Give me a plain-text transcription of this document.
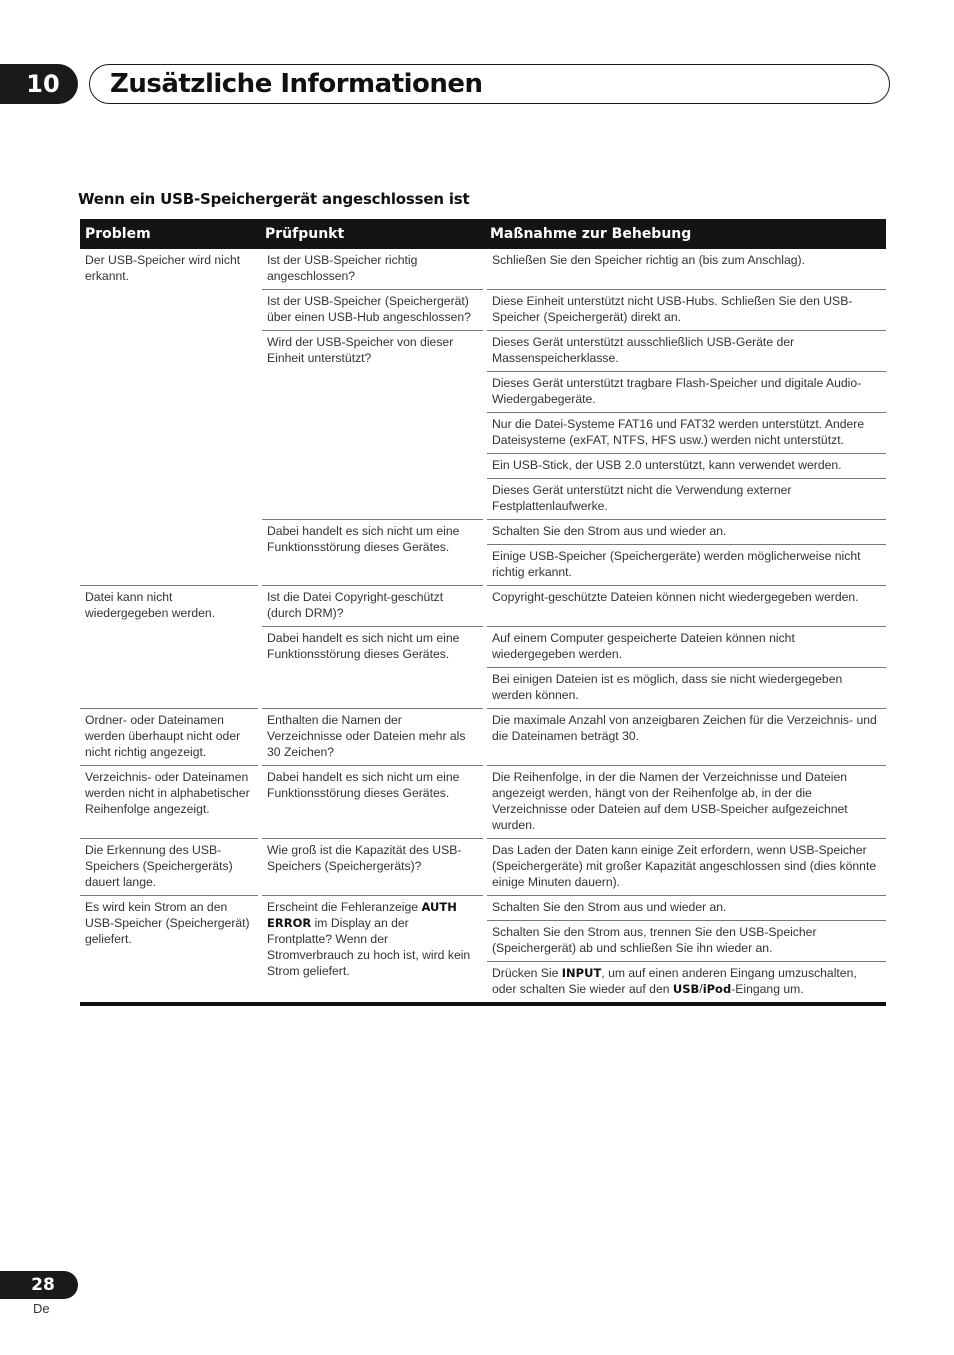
10 Zusätzliche Informationen
Wenn ein USB-Speichergerät angeschlossen ist
Problem	Prüfpunkt	Maßnahme zur Behebung
Der USB-Speicher wird nicht erkannt.	Ist der USB-Speicher richtig angeschlossen?	Schließen Sie den Speicher richtig an (bis zum Anschlag).
	Ist der USB-Speicher (Speichergerät) über einen USB-Hub angeschlossen?	Diese Einheit unterstützt nicht USB-Hubs. Schließen Sie den USB-Speicher (Speichergerät) direkt an.
	Wird der USB-Speicher von dieser Einheit unterstützt?	Dieses Gerät unterstützt ausschließlich USB-Geräte der Massenspeicherklasse.
		Dieses Gerät unterstützt tragbare Flash-Speicher und digitale Audio-Wiedergabegeräte.
		Nur die Datei-Systeme FAT16 und FAT32 werden unterstützt. Andere Dateisysteme (exFAT, NTFS, HFS usw.) werden nicht unterstützt.
		Ein USB-Stick, der USB 2.0 unterstützt, kann verwendet werden.
		Dieses Gerät unterstützt nicht die Verwendung externer Festplattenlaufwerke.
	Dabei handelt es sich nicht um eine Funktionsstörung dieses Gerätes.	Schalten Sie den Strom aus und wieder an.
		Einige USB-Speicher (Speichergeräte) werden möglicherweise nicht richtig erkannt.
Datei kann nicht wiedergegeben werden.	Ist die Datei Copyright-geschützt (durch DRM)?	Copyright-geschützte Dateien können nicht wiedergegeben werden.
	Dabei handelt es sich nicht um eine Funktionsstörung dieses Gerätes.	Auf einem Computer gespeicherte Dateien können nicht wiedergegeben werden.
		Bei einigen Dateien ist es möglich, dass sie nicht wiedergegeben werden können.
Ordner- oder Dateinamen werden überhaupt nicht oder nicht richtig angezeigt.	Enthalten die Namen der Verzeichnisse oder Dateien mehr als 30 Zeichen?	Die maximale Anzahl von anzeigbaren Zeichen für die Verzeichnis- und die Dateinamen beträgt 30.
Verzeichnis- oder Dateinamen werden nicht in alphabetischer Reihenfolge angezeigt.	Dabei handelt es sich nicht um eine Funktionsstörung dieses Gerätes.	Die Reihenfolge, in der die Namen der Verzeichnisse und Dateien angezeigt werden, hängt von der Reihenfolge ab, in der die Verzeichnisse oder Dateien auf dem USB-Speicher aufgezeichnet wurden.
Die Erkennung des USB-Speichers (Speichergeräts) dauert lange.	Wie groß ist die Kapazität des USB-Speichers (Speichergeräts)?	Das Laden der Daten kann einige Zeit erfordern, wenn USB-Speicher (Speichergeräte) mit großer Kapazität angeschlossen sind (dies könnte einige Minuten dauern).
Es wird kein Strom an den USB-Speicher (Speichergerät) geliefert.	Erscheint die Fehleranzeige AUTH ERROR im Display an der Frontplatte? Wenn der Stromverbrauch zu hoch ist, wird kein Strom geliefert.	Schalten Sie den Strom aus und wieder an.
		Schalten Sie den Strom aus, trennen Sie den USB-Speicher (Speichergerät) ab und schließen Sie ihn wieder an.
		Drücken Sie INPUT, um auf einen anderen Eingang umzuschalten, oder schalten Sie wieder auf den USB/iPod-Eingang um.
28
De
